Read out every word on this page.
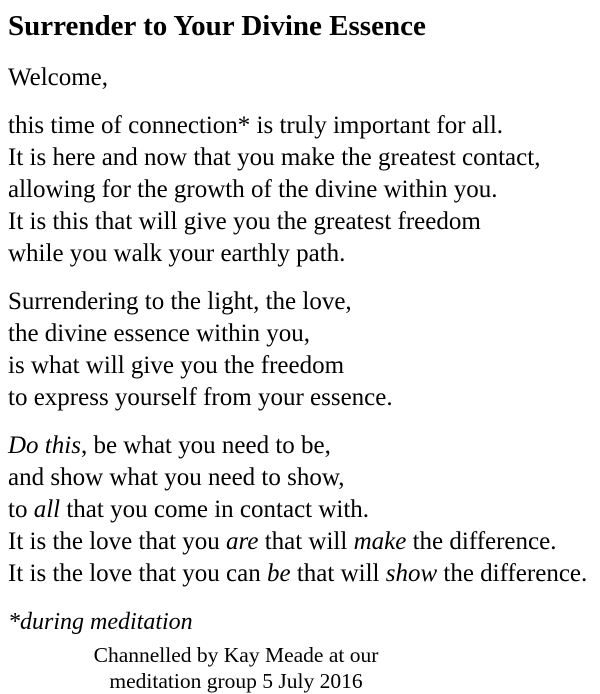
Surrender to Your Divine Essence
Welcome,
this time of connection* is truly important for all.
It is here and now that you make the greatest contact,
allowing for the growth of the divine within you.
It is this that will give you the greatest freedom
while you walk your earthly path.
Surrendering to the light, the love,
the divine essence within you,
is what will give you the freedom
to express yourself from your essence.
Do this, be what you need to be,
and show what you need to show,
to all that you come in contact with.
It is the love that you are that will make the difference.
It is the love that you can be that will show the difference.
*during meditation
Channelled by Kay Meade at our
meditation group 5 July 2016
